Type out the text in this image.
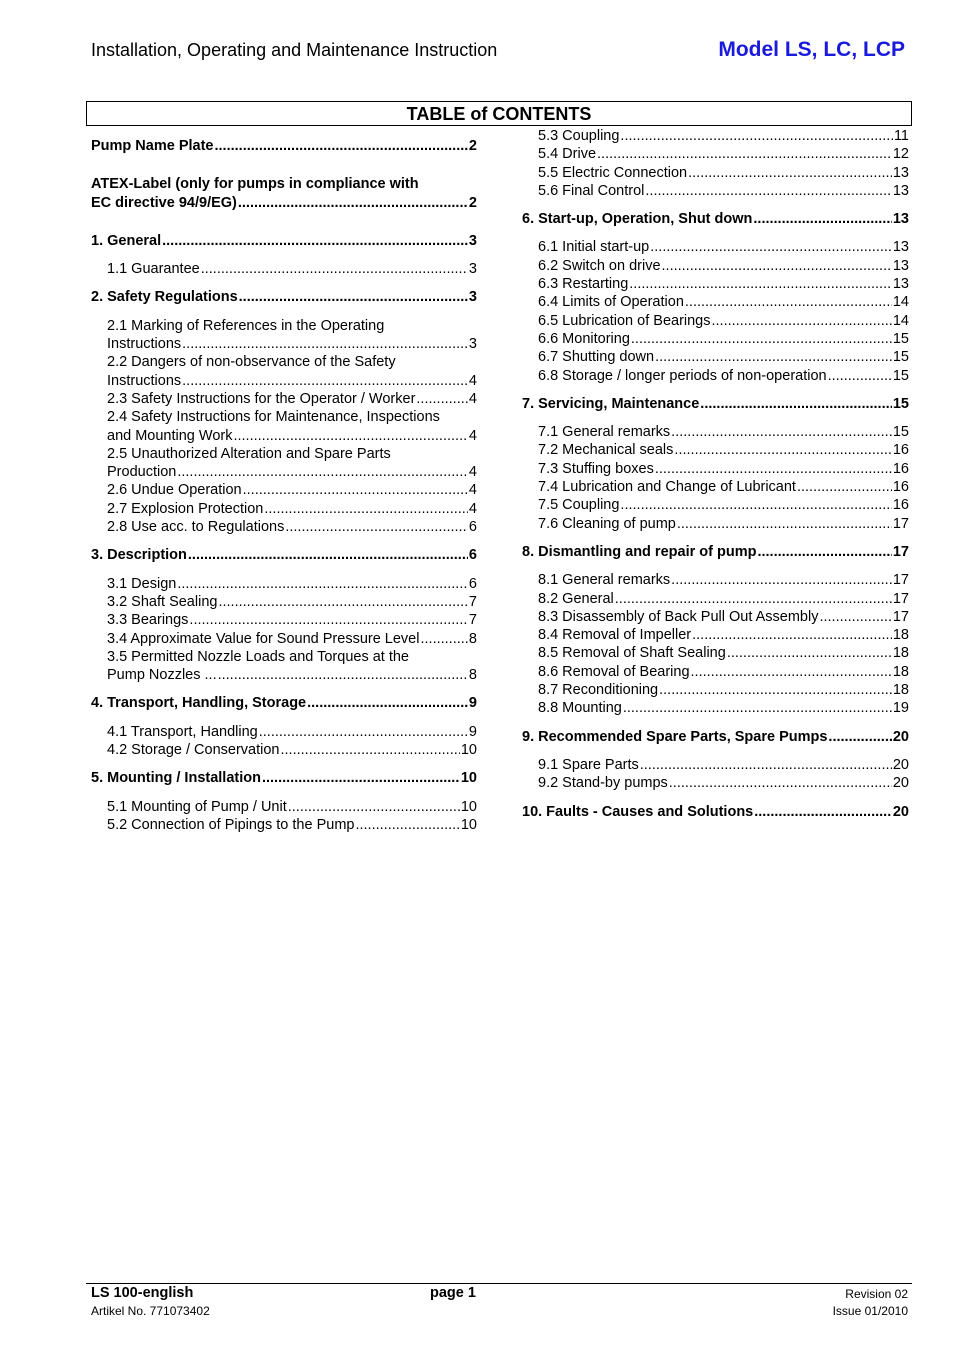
Installation, Operating and Maintenance Instruction	Model LS, LC, LCP
TABLE of CONTENTS
Pump Name Plate .....	2
ATEX-Label (only for pumps in compliance with
EC directive 94/9/EG) .....	2
1. General .....	3
1.1 Guarantee .....	3
2. Safety Regulations .....	3
2.1 Marking of References in the Operating
Instructions .....	3
2.2 Dangers of non-observance of the Safety
Instructions .....	4
2.3 Safety Instructions for the Operator / Worker .....	4
2.4 Safety Instructions for Maintenance, Inspections
and Mounting Work .....	4
2.5 Unauthorized Alteration and Spare Parts
Production .....	4
2.6 Undue Operation .....	4
2.7 Explosion Protection .....	4
2.8 Use acc. to Regulations .....	6
3. Description .....	6
3.1 Design .....	6
3.2 Shaft Sealing .....	7
3.3 Bearings .....	7
3.4 Approximate Value for Sound Pressure Level .....	8
3.5 Permitted Nozzle Loads and Torques at the
Pump Nozzles ... .....	8
4. Transport, Handling, Storage .....	9
4.1 Transport, Handling .....	9
4.2 Storage / Conservation .....	10
5. Mounting / Installation .....	10
5.1 Mounting of Pump / Unit .....	10
5.2 Connection of Pipings to the Pump .....	10
5.3 Coupling .....	11
5.4 Drive .....	12
5.5 Electric Connection .....	13
5.6 Final Control .....	13
6. Start-up, Operation, Shut down .....	13
6.1 Initial start-up .....	13
6.2 Switch on drive .....	13
6.3 Restarting .....	13
6.4 Limits of Operation .....	14
6.5 Lubrication of Bearings .....	14
6.6 Monitoring .....	15
6.7 Shutting down .....	15
6.8 Storage / longer periods of non-operation .....	15
7. Servicing, Maintenance .....	15
7.1 General remarks .....	15
7.2 Mechanical seals .....	16
7.3 Stuffing boxes .....	16
7.4 Lubrication and Change of Lubricant .....	16
7.5 Coupling .....	16
7.6 Cleaning of pump .....	17
8. Dismantling and repair of pump .....	17
8.1 General remarks .....	17
8.2 General .....	17
8.3 Disassembly of Back Pull Out Assembly .....	17
8.4 Removal of Impeller .....	18
8.5 Removal of Shaft Sealing .....	18
8.6 Removal of Bearing .....	18
8.7 Reconditioning .....	18
8.8 Mounting .....	19
9. Recommended Spare Parts, Spare Pumps .....	20
9.1 Spare Parts .....	20
9.2 Stand-by pumps .....	20
10. Faults - Causes and Solutions .....	20
LS 100-english
Artikel No. 771073402
page 1	Revision 02
Issue 01/2010
